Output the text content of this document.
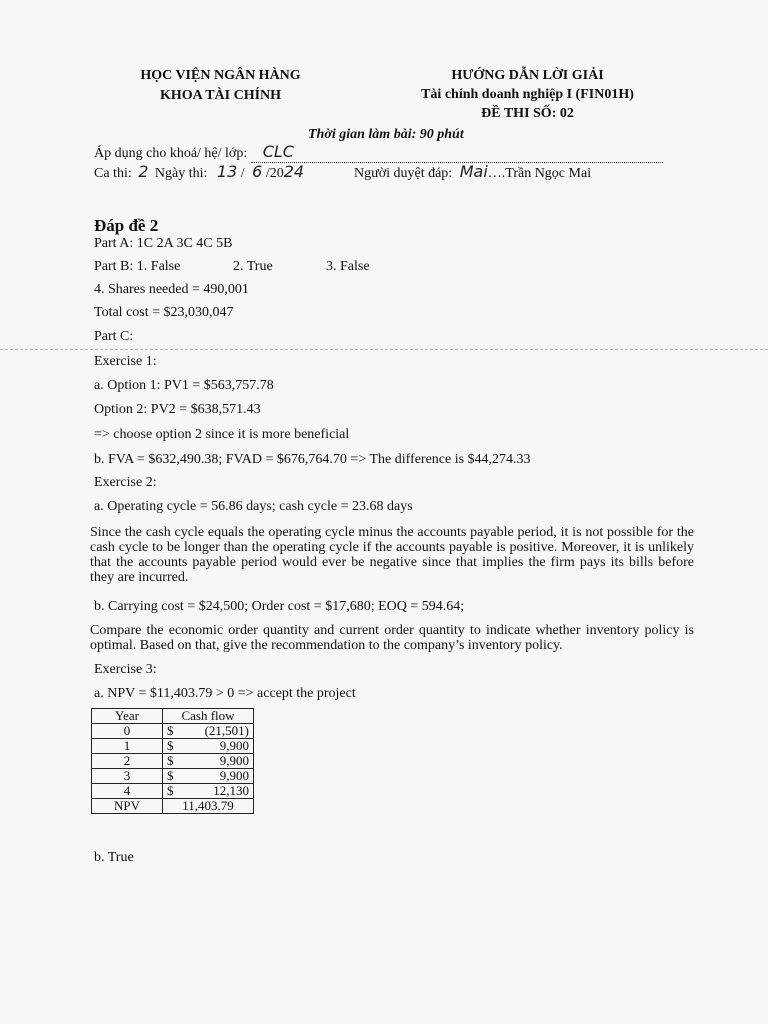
HỌC VIỆN NGÂN HÀNG
KHOA TÀI CHÍNH
HƯỚNG DẪN LỜI GIẢI
Tài chính doanh nghiệp I (FIN01H)
ĐỀ THI SỐ: 02
Thời gian làm bài: 90 phút
Áp dụng cho khoá/ hệ/ lớp: CLC
Ca thi: 2 Ngày thi: 13 / 6 /2024	Người duyệt đáp: Mai….Trần Ngọc Mai
Đáp đề 2
Part A: 1C 2A 3C 4C 5B
Part B: 1. False	2. True	3. False
4. Shares needed = 490,001
Total cost = $23,030,047
Part C:
Exercise 1:
a. Option 1: PV1 = $563,757.78
Option 2: PV2 = $638,571.43
=> choose option 2 since it is more beneficial
b. FVA = $632,490.38; FVAD = $676,764.70 => The difference is $44,274.33
Exercise 2:
a. Operating cycle = 56.86 days; cash cycle = 23.68 days
Since the cash cycle equals the operating cycle minus the accounts payable period, it is not possible for the cash cycle to be longer than the operating cycle if the accounts payable is positive. Moreover, it is unlikely that the accounts payable period would ever be negative since that implies the firm pays its bills before they are incurred.
b. Carrying cost = $24,500; Order cost = $17,680; EOQ = 594.64;
Compare the economic order quantity and current order quantity to indicate whether inventory policy is optimal. Based on that, give the recommendation to the company’s inventory policy.
Exercise 3:
a. NPV = $11,403.79 > 0 => accept the project
Year	Cash flow
0	$ (21,501)

1	$ 9,900

2	$ 9,900

3	$ 9,900

4	$ 12,130

NPV	11,403.79
b. True
